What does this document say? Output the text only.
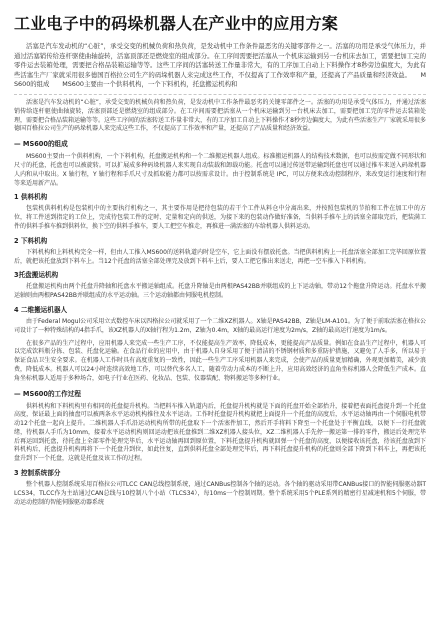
工业电子中的码垛机器人在产业中的应用方案

活塞是汽车发动机的“心脏”，承受交变的机械负荷和热负荷，是发动机中工作条件最恶劣的关键零部件之一。活塞的功用是承受气体压力，并通过活塞销传给连杆驱使曲轴旋转，活塞顶部还是燃烧室的组成部分。在工序间需要把活塞从一个机床运输到另一台机床去加工，需要把加工完的零件运去装箱处理，需要把合格品装箱运输等等。这些工序间的活塞转送工作量非常大，有的工序加工自动上下料操作才8秒旁边偏度大，为此有些活塞生产厂家就采用很多德国百格拉公司生产的码垛机器人来完成这些工作，不仅提高了工作效率和产量，还提高了产品质量和经济效益。　　MS600的组成　　MS600主要由一个供料机构，一个下料机构，托盘搬运机构和

活塞是汽车发动机的“心脏”，承受交变的机械负荷和热负荷，是发动机中工作条件最恶劣的关键零部件之一。活塞的功用是承受气体压力，并通过活塞销传给连杆驱使曲轴旋转，活塞顶部还是燃烧室的组成部分。在工序间需要把活塞从一个机床运输到另一台机床去加工，需要把加工完的零件运去装箱处理，需要把合格品装箱运输等等。这些工序间的活塞转送工作量非常大，有的工序加工自动上下料操作才8秒旁边偏度大，为此有些活塞生产厂家就采用很多德国百格拉公司生产的码垛机器人来完成这些工作，不仅提高了工作效率和产量，还提高了产品质量和经济效益。

— MS600的组成

MS600主要由一个供料机构，一个下料机构，托盘搬运机构和一个二维搬运机器人组成。标准搬运机器人的结构技术数据，也可以按需定做不同形状和尺寸的托盘，托盘也可以被旋转。可以扩展成多种码垛机器人来实现自动装载和卸载功能。托盘可以通过传送带运输到托盘也可以通过推车来送入码垛机器人内和从中取出。X 轴行程，Y 轴行程和手爪尺寸及抓取能力都可以按需求设计。由于控制系统是 IPC，可以方便来改动控制程序，来改变运行速度和行程等来适用新产品。

1 供料机构

包装机供料机构是包装机中的主要执行机构之一，其主要作用是把待包装的若干个工件从料仓中分离出来，并按照包装机的节拍和工件在加工中的方位，将工件送到指定的工位上，完成待包装工件的定时、定量和定向的供送，为接下来的包装动作做好准备，当供料手推车上的活塞全部取完后，把装满工件的供料手推车推到供料位，换下空的供料手推车，要人工把空车推走，再推进一满活塞的车给机器人供料运动。

2 下料机构

下料机构和上料机构完全一样，但由人工推入MS600的送料轨道内时是空车，它上面没有摆放托盘。当把供料机构上一托盘活塞全部加工完毕回原位置后，就把该托盘放到下料车上。当12个托盘的活塞全部处理完及放到下料车上后，要人工把它推出来送走，再把一空车推入下料机构。

3托盘搬运机构

托盘搬运机构由两个托盘升降轴和托盘水平搬运轴组成。托盘升降轴是由两根PAS42BB并联组成的上下运动轴，带动12个拖盘升降运动。托盘水平搬运轴则由两根PAS42BB并联组成的水平运动轴。三个运动轴都由伺服电机控制。

4 二维搬运机器人

由于Federal Mogul公司采用立式数控车床以四格拉公司就采用了一个二维XZ机器人。X轴是PAS42BB，Z轴是LM-A101。为了便于前取活塞在格拉公司设计了一种特殊结构的4指手爪，该XZ机器人的X轴行程为1.2m，Z轴为0.4m，X轴的最高运行速度为2m/s，Z轴的最高运行速度为1m/s。

在很多产品的生产过程中，应用机器人来完成一些生产工序，不仅能提高生产效率，降低成本，更能提高产品质量。例如在食品生产过程中，机器人可以完成饮料瓶分拣、包装、托盘化运输。在食品行业的应用中，由于机器人自身采用了便于清洁的不锈钢材质和多重防护措施，又避免了人手多，所以易于保证食品卫生安全要求。在机器人工作时具有高度重复的一致性，因此一些生产工序采用机器人来完成，会使产品的质量更加精确，外观更加精美，减少浪费，降低成本。机器人可以24小时连续高效地工作，可以替代多名人工，随着劳动力成本的不断上升，应用高效经济的直角坐标机器人会降低生产成本。直角坐标机器人适用于多种场合，如电子行业在医药、化妆品、包装、仪器装配、物料搬运等多种行业。

— MS600的工作过程

供料机构和下料机构里有相同的托盘提升机构。当把料车推入轨道内后，托盘提升机构就是下面的托盘开始全部抬升，接着把表面托盘提升到一个托盘高度，保证最上面的抽盘可以被两条水平运动机构推往及水平运动。工作时托盘提升机构就把上面提升一个托盘的高度后，水平运动轴再由一个伺服电机带动12个托盘一起向上提升。二维机器人手爪沿运动机构所带的托盘取下一个活塞件加工，然后开手将料下降至一个托盘处于平衡直线，以便下一行托盘就绪，待机器人手爪为10mm，接着水平运动机构则回运动把该托盘推到二维XZ机器人接头位，XZ二维机器人手先停一搬运第一排的零件，搬运后处理完毕后再运回到托盘，待托盘上全部零件处理完毕后，水平运动轴再回到原位置，下料托盘提升机构就回弹一个托盘的高度，以便接收该托盘，待该托盘放到下料机构后，托盘提升机构再将下一个托盘升到位，如此往复，直到供料托盘全部处理完毕后，再下料托盘提升机构的托盘则全部下降到下料车上，再把该托盘升到下一个托盘，这就是托盘及该工作的过程。

3 控制系统部分

整个机器人控制系统采用百格拉公司TLCC CAN总线控制系统，通过CANBus控制各个轴的运动。各个轴的驱动采用带CANBus接口的智能伺服驱动器TLCS34，TLCC作为主站通过CAN总线与10控制八个小站（TLCS34），每10ms一个控制周期。整个系统采用5个PLE系列的精密行星减速机和5个伺服，带动运动控制的智能伺服驱动器系统
